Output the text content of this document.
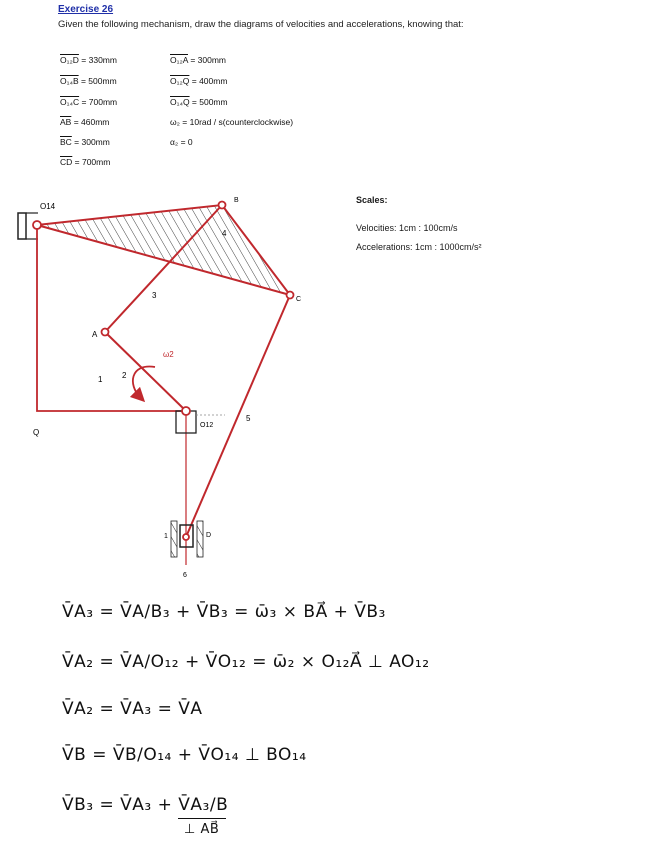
Exercise 26
Given the following mechanism, draw the diagrams of velocities and accelerations, knowing that:
O₁₂D = 330mm
O₁₄B = 500mm
O₁₄C = 700mm
$\overline{AB} = 460mm$
$\overline{BC} = 300mm$
$\overline{CD} = 700mm$
O₁₂A = 300mm
O₁₂Q = 400mm
O₁₄Q = 500mm
ω₂ = 10rad / s(counterclockwise)
α₂ = 0
Scales:
Velocities: 1cm : 100cm/s
Accelerations: 1cm : 1000cm/s²
O14
B
C
A
Q
O12
D
1
1
2
3
4
5
6
ω2
V̄A₃ = V̄A/B₃ + V̄B₃ = ω̄₃ × BA⃗ + V̄B₃
V̄A₂ = V̄A/O₁₂ + V̄O₁₂ = ω̄₂ × O₁₂A⃗ ⊥ AO₁₂
V̄A₂ = V̄A₃ = V̄A
V̄B = V̄B/O₁₄ + V̄O₁₄ ⊥ BO₁₄
V̄B₃ = V̄A₃ + V̄A₃/B
⊥ AB⃗
